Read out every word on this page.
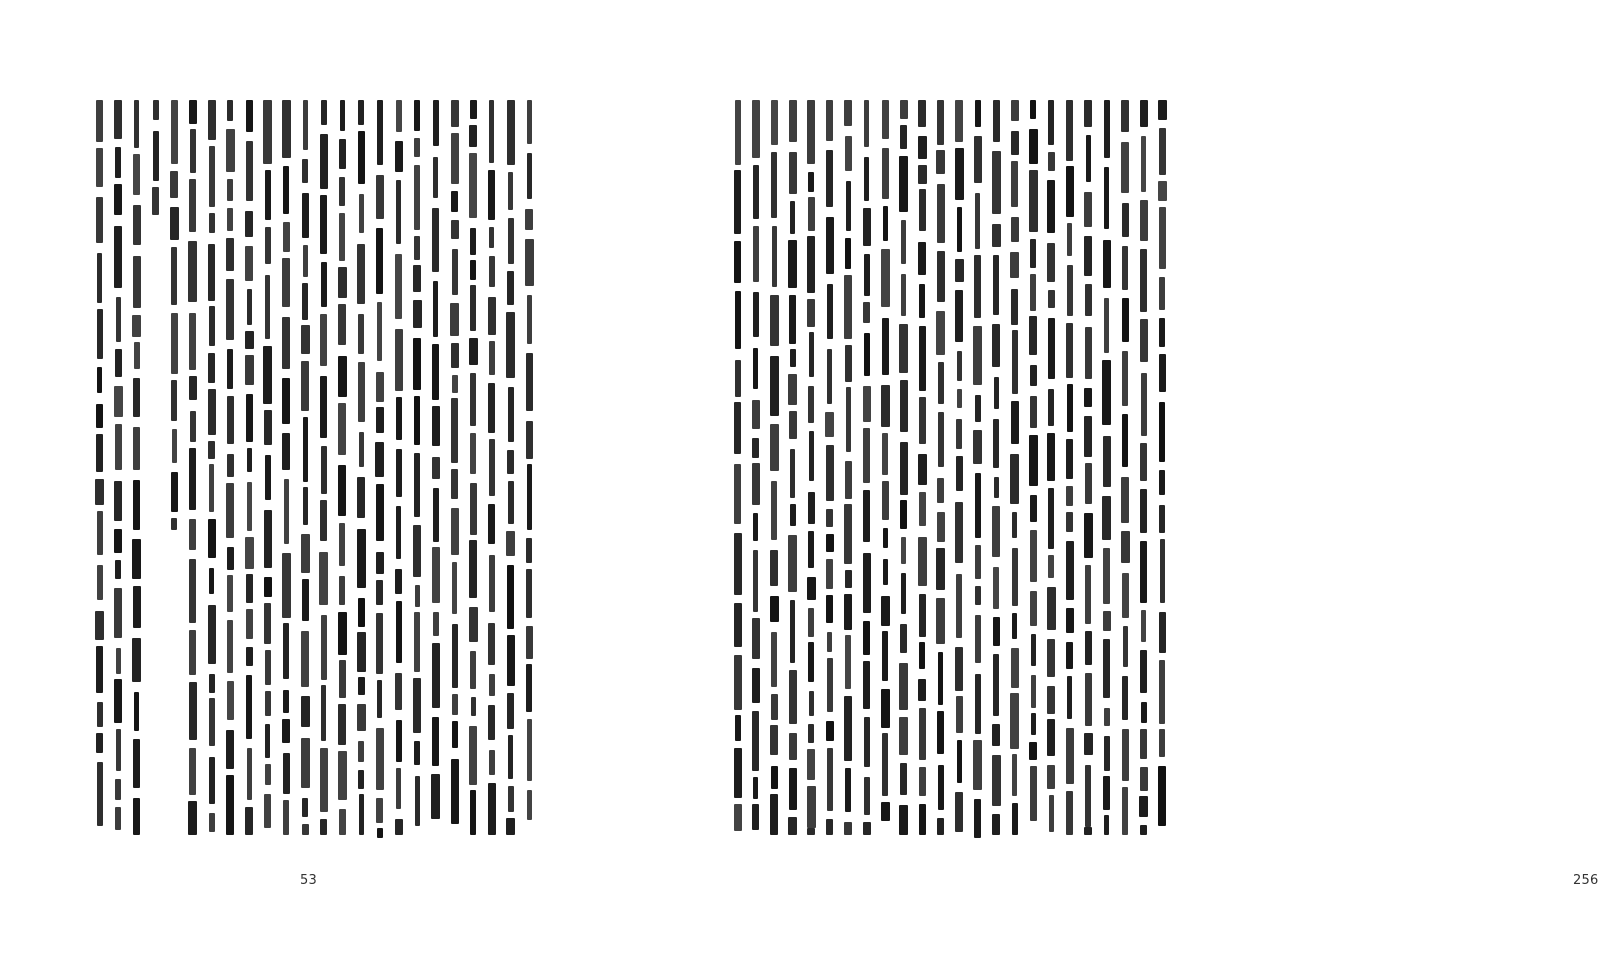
53	256
